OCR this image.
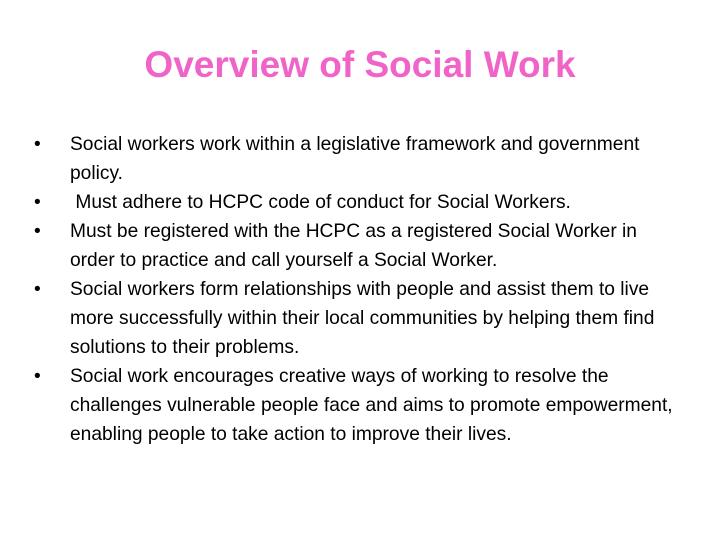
Overview of Social Work
•	Social workers work within a legislative framework and government policy.
•	Must adhere to HCPC code of conduct for Social Workers.
•	Must be registered with the HCPC as a registered Social Worker in order to practice and call yourself a Social Worker.
•	Social workers form relationships with people and assist them to live more successfully within their local communities by helping them find solutions to their problems.
•	Social work encourages creative ways of working to resolve the challenges vulnerable people face and aims to promote empowerment, enabling people to take action to improve their lives.
